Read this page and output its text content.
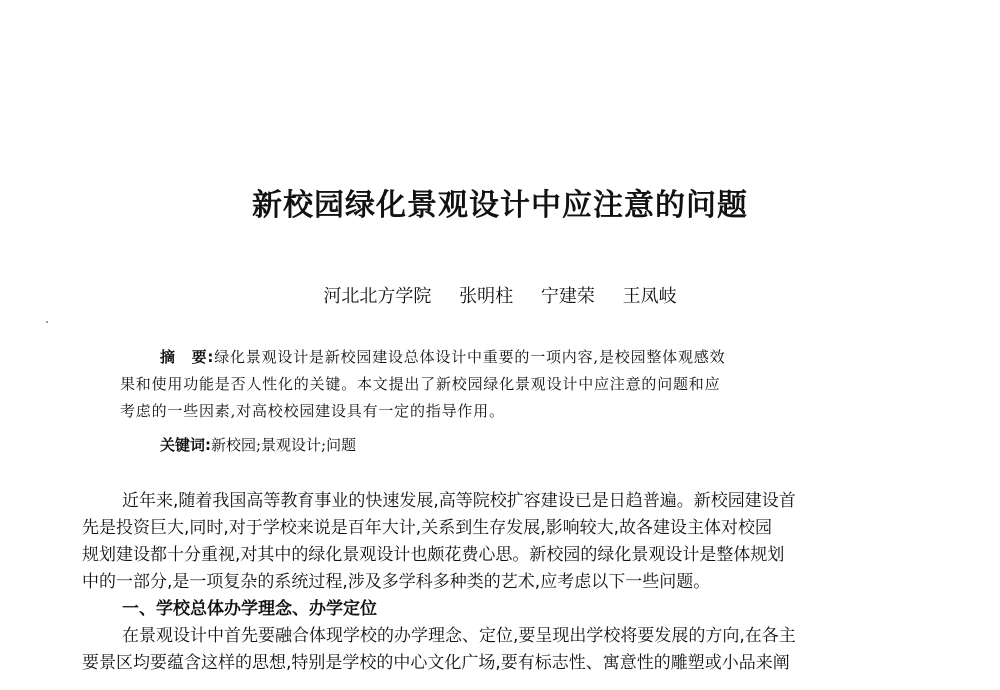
新校园绿化景观设计中应注意的问题
河北北方学院 张明柱 宁建荣 王凤岐
摘　要:绿化景观设计是新校园建设总体设计中重要的一项内容,是校园整体观感效
果和使用功能是否人性化的关键。本文提出了新校园绿化景观设计中应注意的问题和应
考虑的一些因素,对高校校园建设具有一定的指导作用。
关键词:新校园;景观设计;问题
近年来,随着我国高等教育事业的快速发展,高等院校扩容建设已是日趋普遍。新校园建设首
先是投资巨大,同时,对于学校来说是百年大计,关系到生存发展,影响较大,故各建设主体对校园
规划建设都十分重视,对其中的绿化景观设计也颇花费心思。新校园的绿化景观设计是整体规划
中的一部分,是一项复杂的系统过程,涉及多学科多种类的艺术,应考虑以下一些问题。
一、学校总体办学理念、办学定位
在景观设计中首先要融合体现学校的办学理念、定位,要呈现出学校将要发展的方向,在各主
要景区均要蕴含这样的思想,特别是学校的中心文化广场,要有标志性、寓意性的雕塑或小品来阐
